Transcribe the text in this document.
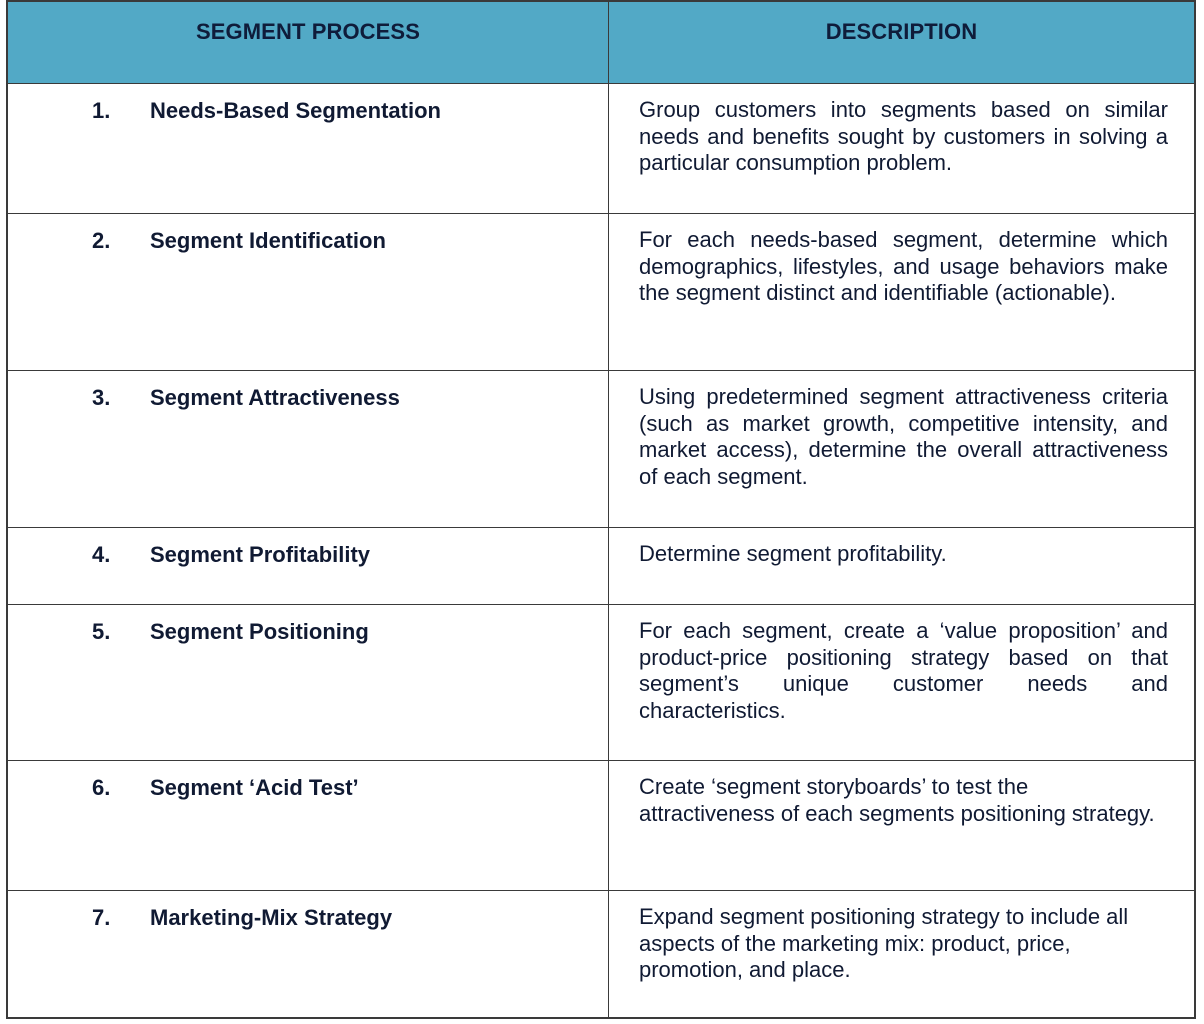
SEGMENT PROCESS	DESCRIPTION
1. Needs-Based Segmentation	Group customers into segments based on similar needs and benefits sought by customers in solving a particular consumption problem.
2. Segment Identification	For each needs-based segment, determine which demographics, lifestyles, and usage behaviors make the segment distinct and identifiable (actionable).
3. Segment Attractiveness	Using predetermined segment attractiveness criteria (such as market growth, competitive intensity, and market access), determine the overall attractiveness of each segment.
4. Segment Profitability	Determine segment profitability.
5. Segment Positioning	For each segment, create a ‘value proposition’ and product-price positioning strategy based on that segment’s unique customer needs and characteristics.
6. Segment ‘Acid Test’	Create ‘segment storyboards’ to test the attractiveness of each segments positioning strategy.
7. Marketing-Mix Strategy	Expand segment positioning strategy to include all aspects of the marketing mix: product, price, promotion, and place.
